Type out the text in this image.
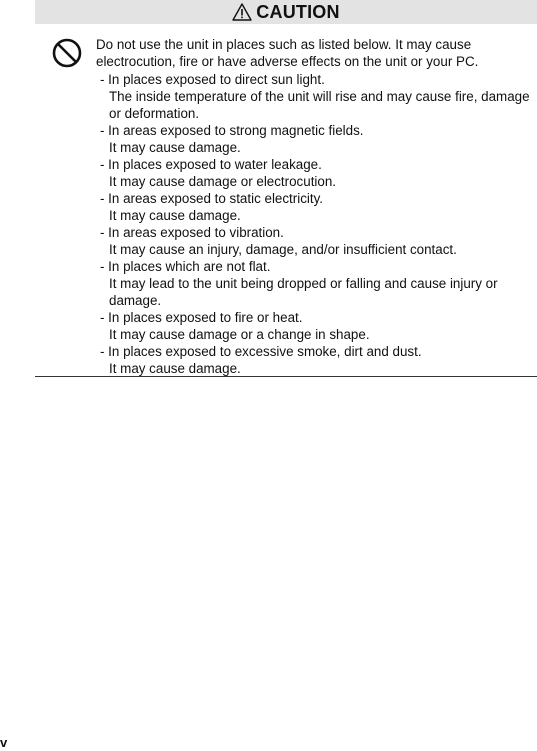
CAUTION

Do not use the unit in places such as listed below. It may cause electrocution, fire or have adverse effects on the unit or your PC.

- In places exposed to direct sun light.
The inside temperature of the unit will rise and may cause fire, damage or deformation.

- In areas exposed to strong magnetic fields.
It may cause damage.

- In places exposed to water leakage.
It may cause damage or electrocution.

- In areas exposed to static electricity.
It may cause damage.

- In areas exposed to vibration.
It may cause an injury, damage, and/or insufficient contact.

- In places which are not flat.
It may lead to the unit being dropped or falling and cause injury or damage.

- In places exposed to fire or heat.
It may cause damage or a change in shape.

- In places exposed to excessive smoke, dirt and dust.
It may cause damage.

v
